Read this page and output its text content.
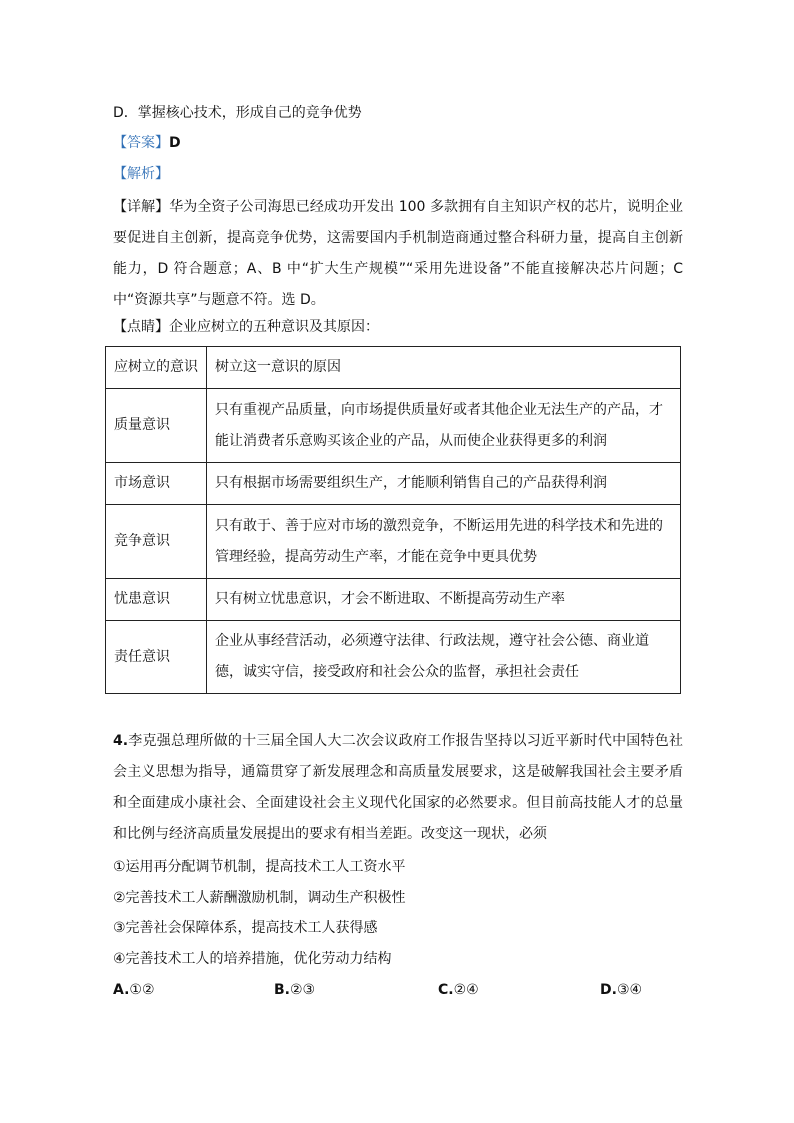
D．掌握核心技术，形成自己的竞争优势
【答案】D
【解析】
【详解】华为全资子公司海思已经成功开发出 100 多款拥有自主知识产权的芯片，说明企业要促进自主创新，提高竞争优势，这需要国内手机制造商通过整合科研力量，提高自主创新能力，D 符合题意；A、B 中“扩大生产规模”“采用先进设备”不能直接解决芯片问题；C 中“资源共享”与题意不符。选 D。
【点睛】企业应树立的五种意识及其原因：
应树立的意识	树立这一意识的原因
质量意识	只有重视产品质量，向市场提供质量好或者其他企业无法生产的产品，才能让消费者乐意购买该企业的产品，从而使企业获得更多的利润
市场意识	只有根据市场需要组织生产，才能顺利销售自己的产品获得利润
竞争意识	只有敢于、善于应对市场的激烈竞争，不断运用先进的科学技术和先进的管理经验，提高劳动生产率，才能在竞争中更具优势
忧患意识	只有树立忧患意识，才会不断进取、不断提高劳动生产率
责任意识	企业从事经营活动，必须遵守法律、行政法规，遵守社会公德、商业道德，诚实守信，接受政府和社会公众的监督，承担社会责任
4.李克强总理所做的十三届全国人大二次会议政府工作报告坚持以习近平新时代中国特色社会主义思想为指导，通篇贯穿了新发展理念和高质量发展要求，这是破解我国社会主要矛盾和全面建成小康社会、全面建设社会主义现代化国家的必然要求。但目前高技能人才的总量和比例与经济高质量发展提出的要求有相当差距。改变这一现状，必须
①运用再分配调节机制，提高技术工人工资水平
②完善技术工人薪酬激励机制，调动生产积极性
③完善社会保障体系，提高技术工人获得感
④完善技术工人的培养措施，优化劳动力结构
A.①②	B.②③	C.②④	D.③④
